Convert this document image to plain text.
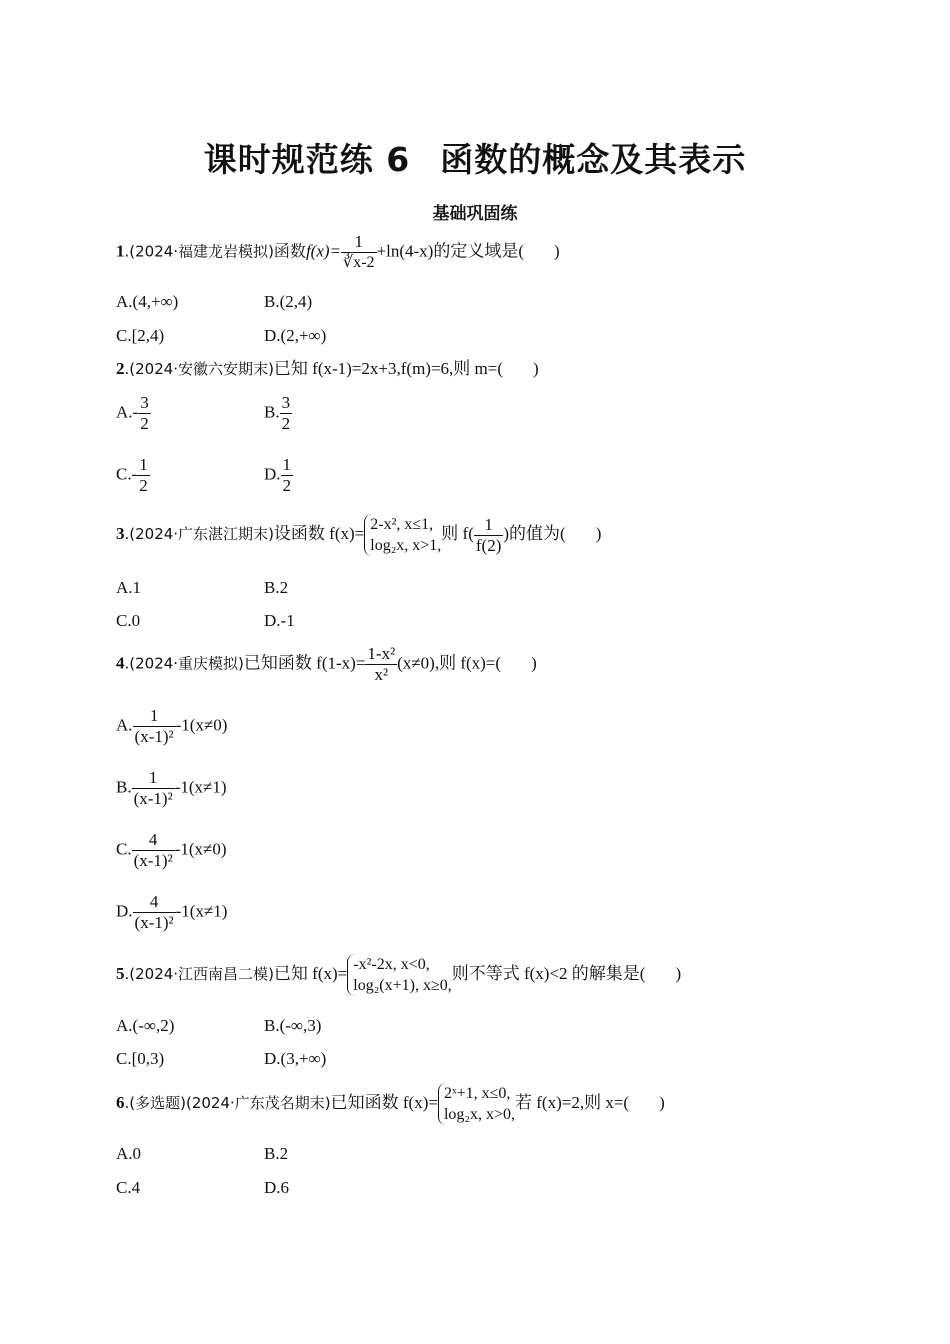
课时规范练 6 函数的概念及其表示
基础巩固练
1.(2024·福建龙岩模拟)函数$f(x)= \frac{1}{∛x-2} +\ln(4-x)$的定义域是( )
A.(4,+∞)	B.(2,4)
C.[2,4)	D.(2,+∞)
2.(2024·安徽六安期末)已知 f(x-1)=2x+3,f(m)=6,则 m=( )
$A.- \frac{3}{2}$	B. $\frac{3}{2}$
$C.- \frac{1}{2}$	D. $\frac{1}{2}$
3.(2024·广东湛江期末)设函数 f(x)= 2-x², x≤1,
log₂x, x>1,
则 $f( \frac{1}{f(2)}$ )的值为( )
A.1	B.2
C.0	D.-1
4.(2024·重庆模拟)已知函数 $f(1-x)= \frac{\text{1-x²}}{\text{x²}} (x\ne 0)$,则 f(x)=( )
A. $\frac{1}{\text{(x-1)²}} -1(x\ne 0)$
B. $\frac{1}{\text{(x-1)²}} -1(x\ne 1)$
C. $\frac{4}{\text{(x-1)²}} -1(x\ne 0)$
D. $\frac{4}{\text{(x-1)²}} -1(x\ne 1)$
5.(2024·江西南昌二模)已知 f(x)= -x²-2x, x<0,
log₂(x+1), x≥0,
则不等式 f(x)<2 的解集是( )
A.(-∞,2)	B.(-∞,3)
C.[0,3)	D.(3,+∞)
6.(多选题)(2024·广东茂名期末)已知函数 f(x)= 2ˣ+1, x≤0,
log₂x, x>0,
若 f(x)=2,则 x=( )
A.0	B.2
C.4	D.6
